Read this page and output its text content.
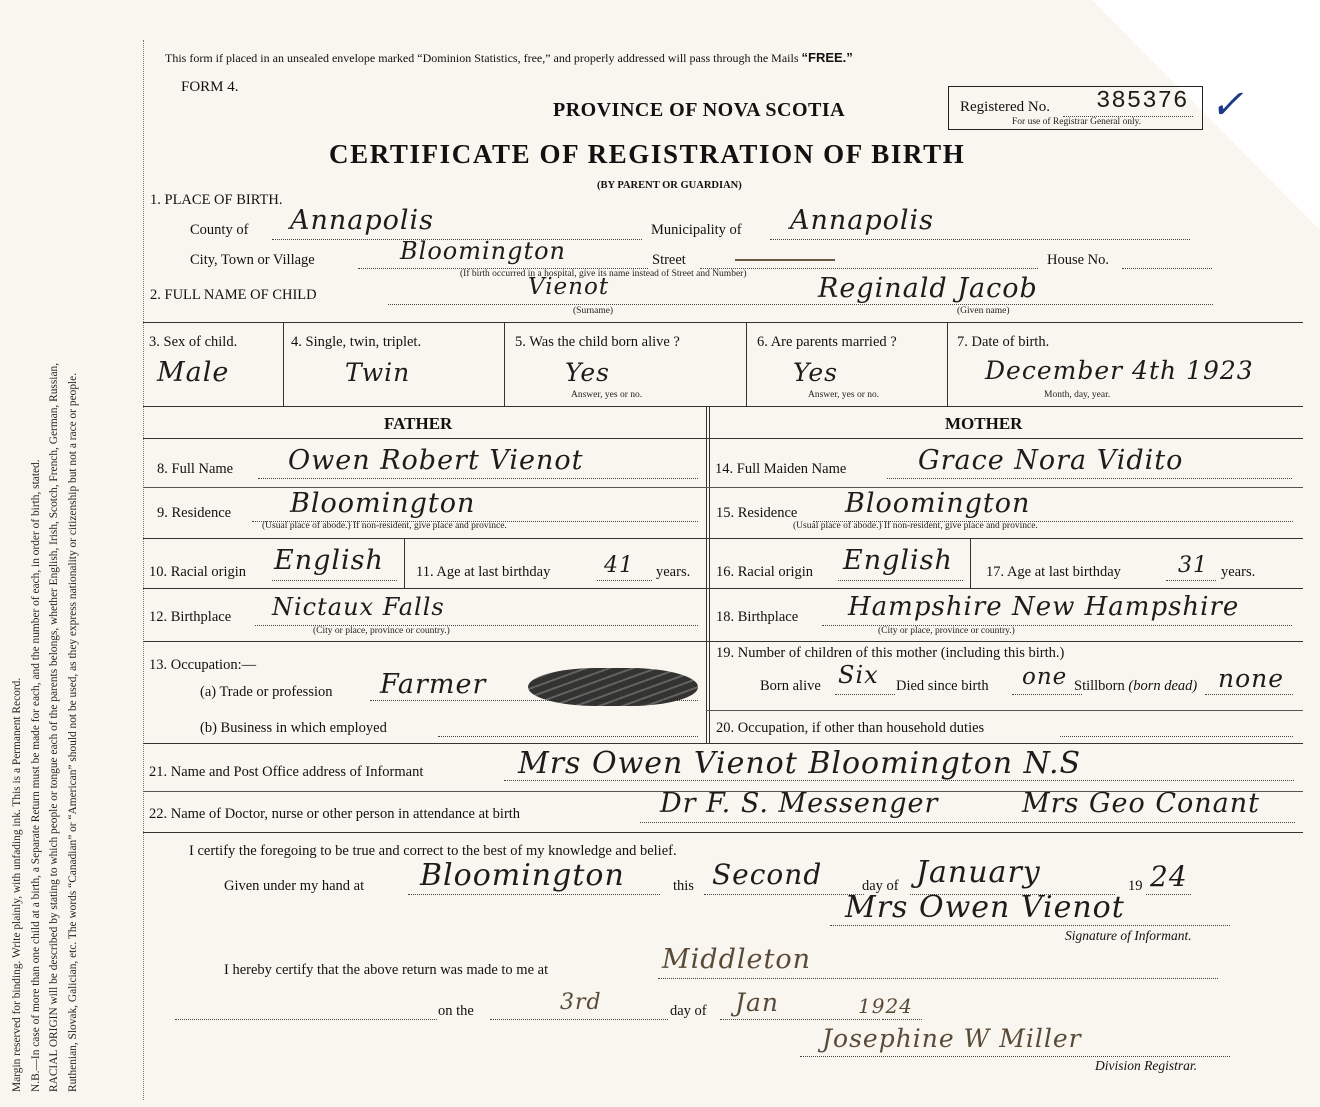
Margin reserved for binding. Write plainly, with unfading ink. This is a Permanent Record. N.B.—In case of more than one child at a birth, a Separate Return must be made for each, and the number of each, in order of birth, stated. RACIAL ORIGIN will be described by stating to which people or tongue each of the parents belongs, whether English, Irish, Scotch, French, German, Russian, Ruthenian, Slovak, Galician, etc. The words “Canadian” or “American” should not be used, as they express nationality or citizenship but not a race or people.
This form if placed in an unsealed envelope marked “Dominion Statistics, free,” and properly addressed will pass through the Mails “FREE.”
FORM 4.
PROVINCE OF NOVA SCOTIA
CERTIFICATE OF REGISTRATION OF BIRTH
(BY PARENT OR GUARDIAN)
Registered No. 385376 ✓
For use of Registrar General only.
1. PLACE OF BIRTH.
County of Annapolis	Municipality of Annapolis
City, Town or Village	Bloomington	Street	House No.
(If birth occurred in a hospital, give its name instead of Street and Number)
2. FULL NAME OF CHILD	Vienot
(Surname)
Reginald Jacob
(Given name)
3. Sex of child.
Male
4. Single, twin, triplet.
Twin
5. Was the child born alive ?
Yes
Answer, yes or no.
6. Are parents married ?
Yes
Answer, yes or no.
7. Date of birth.
December 4th 1923
Month, day, year.
FATHER	MOTHER
8. Full Name Owen Robert Vienot	14. Full Maiden Name	Grace Nora Vidito
9. Residence Bloomington
(Usual place of abode.) If non-resident, give place and province.
15. Residence Bloomington
(Usual place of abode.) If non-resident, give place and province.
10. Racial origin English 11. Age at last birthday 41 years. 16. Racial origin English 17. Age at last birthday	31 years.
12. Birthplace Nictaux Falls
(City or place, province or country.)
18. Birthplace Hampshire New Hampshire
(City or place, province or country.)
13. Occupation:—
(a) Trade or profession Farmer
(b) Business in which employed
19. Number of children of this mother (including this birth.)
Born alive Six Died since birth one Stillborn (born dead) none
20. Occupation, if other than household duties
21. Name and Post Office address of Informant	Mrs Owen Vienot Bloomington N.S
22. Name of Doctor, nurse or other person in attendance at birth	Dr F. S. Messenger	Mrs Geo Conant
I certify the foregoing to be true and correct to the best of my knowledge and belief.
Given under my hand at Bloomington	this Second	day of January	19 24
Mrs Owen Vienot
Signature of Informant.
I hereby certify that the above return was made to me at	Middleton
on the	3rd	day of Jan	1924
Josephine W Miller
Division Registrar.
